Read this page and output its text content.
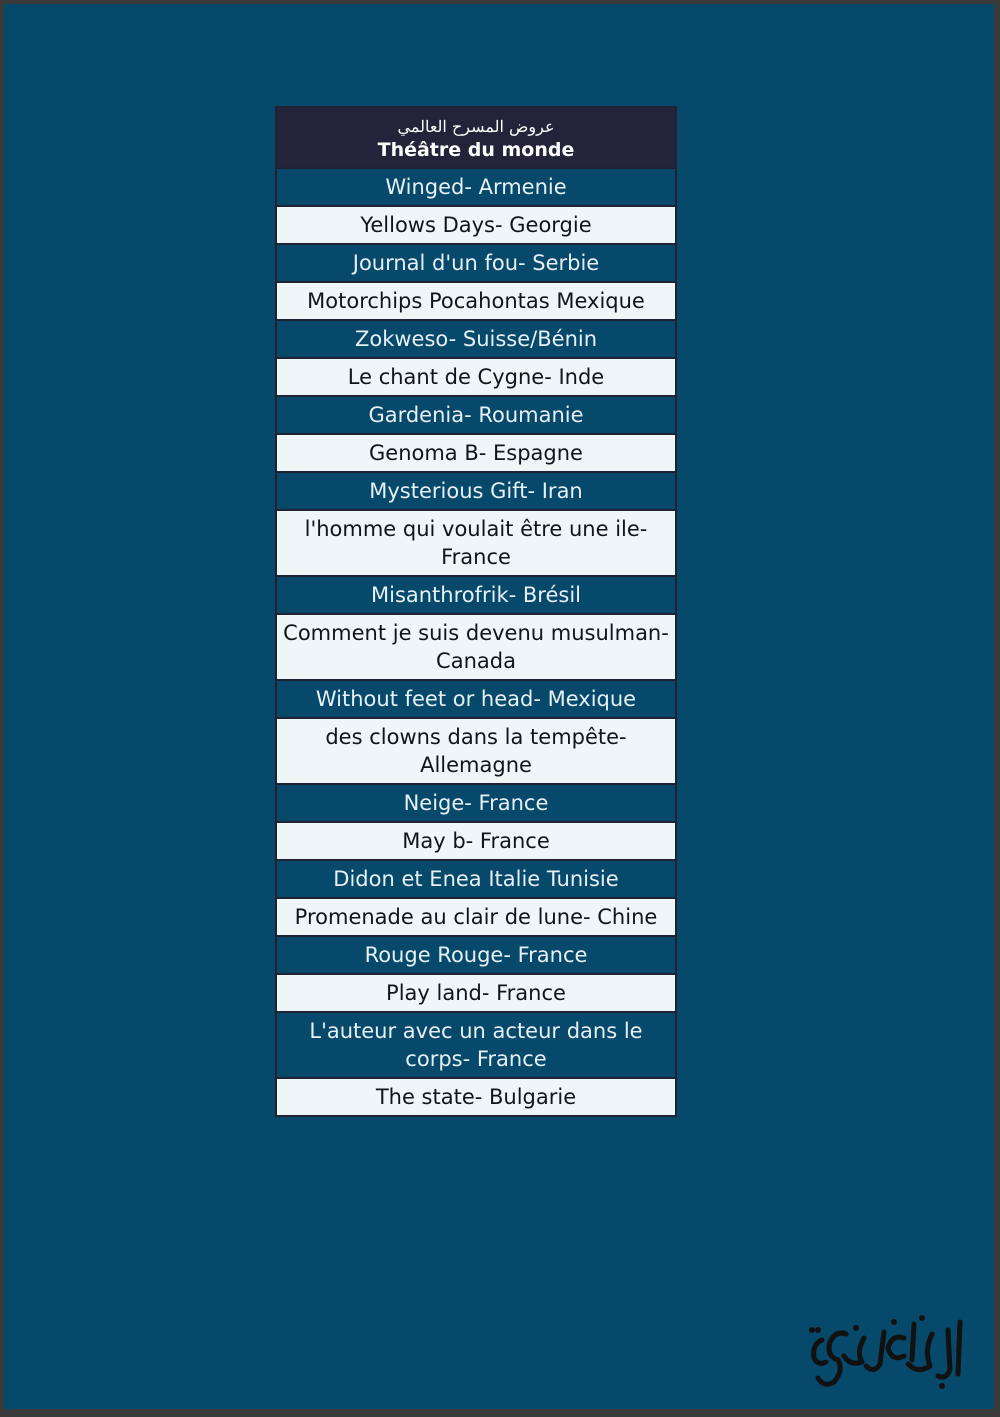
عروض المسرح العالمي
Théâtre du monde
Winged- Armenie
Yellows Days- Georgie
Journal d'un fou- Serbie
Motorchips Pocahontas Mexique
Zokweso- Suisse/Bénin
Le chant de Cygne- Inde
Gardenia- Roumanie
Genoma B- Espagne
Mysterious Gift- Iran
l'homme qui voulait être une ile- France
Misanthrofrik- Brésil
Comment je suis devenu musulman- Canada
Without feet or head- Mexique
des clowns dans la tempête- Allemagne
Neige- France
May b- France
Didon et Enea Italie Tunisie
Promenade au clair de lune- Chine
Rouge Rouge- France
Play land- France
L'auteur avec un acteur dans le corps- France
The state- Bulgarie
